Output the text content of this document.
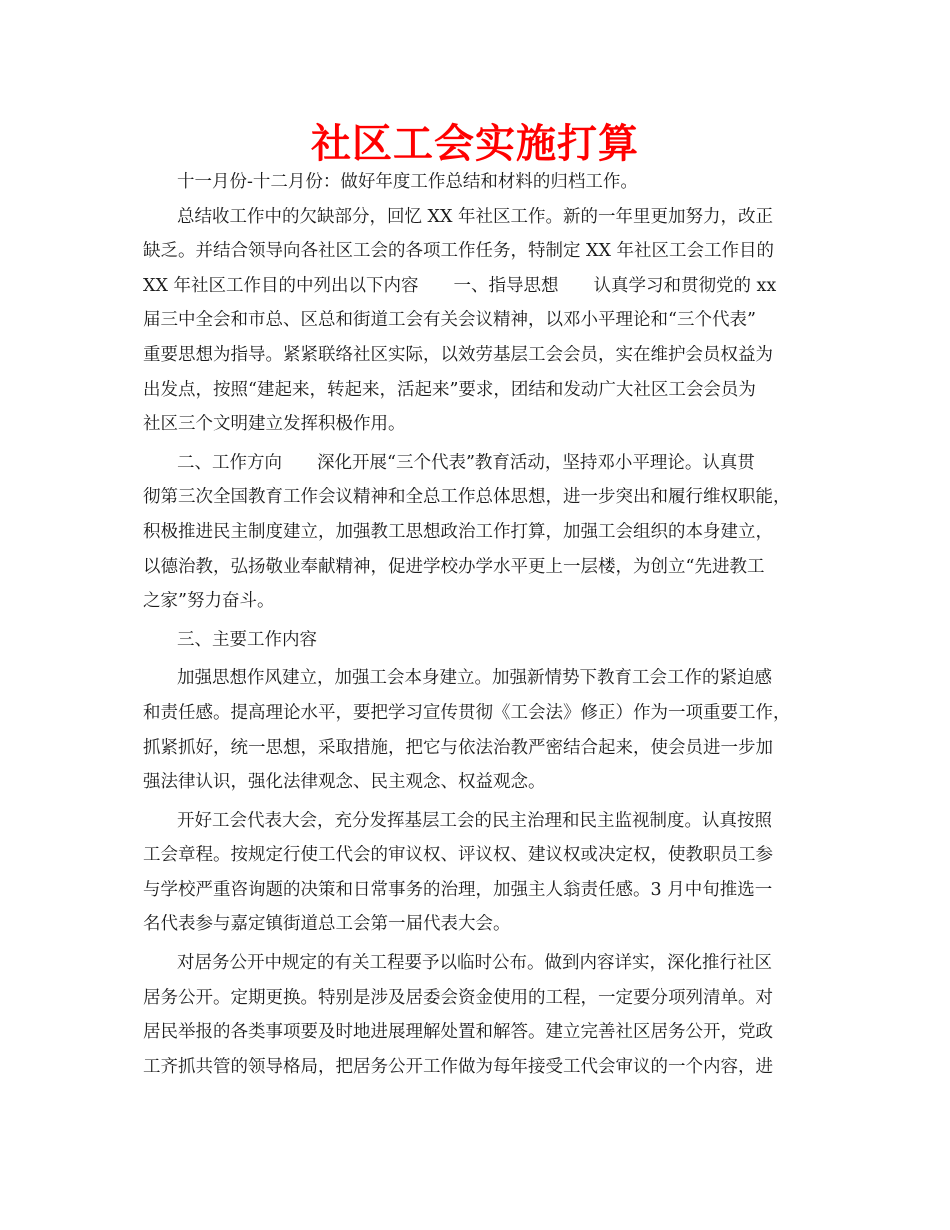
社区工会实施打算

十一月份-十二月份：做好年度工作总结和材料的归档工作。

总结收工作中的欠缺部分，回忆 XX 年社区工作。新的一年里更加努力，改正
缺乏。并结合领导向各社区工会的各项工作任务，特制定 XX 年社区工会工作目的
XX 年社区工作目的中列出以下内容　　一、指导思想　　认真学习和贯彻党的 xx
届三中全会和市总、区总和街道工会有关会议精神，以邓小平理论和“三个代表”
重要思想为指导。紧紧联络社区实际，以效劳基层工会会员，实在维护会员权益为
出发点，按照“建起来，转起来，活起来”要求，团结和发动广大社区工会会员为
社区三个文明建立发挥积极作用。

二、工作方向　　深化开展“三个代表”教育活动，坚持邓小平理论。认真贯
彻第三次全国教育工作会议精神和全总工作总体思想，进一步突出和履行维权职能，
积极推进民主制度建立，加强教工思想政治工作打算，加强工会组织的本身建立，
以德治教，弘扬敬业奉献精神，促进学校办学水平更上一层楼，为创立“先进教工
之家”努力奋斗。

三、主要工作内容

加强思想作风建立，加强工会本身建立。加强新情势下教育工会工作的紧迫感
和责任感。提高理论水平，要把学习宣传贯彻《工会法》修正）作为一项重要工作，
抓紧抓好，统一思想，采取措施，把它与依法治教严密结合起来，使会员进一步加
强法律认识，强化法律观念、民主观念、权益观念。

开好工会代表大会，充分发挥基层工会的民主治理和民主监视制度。认真按照
工会章程。按规定行使工代会的审议权、评议权、建议权或决定权，使教职员工参
与学校严重咨询题的决策和日常事务的治理，加强主人翁责任感。3 月中旬推选一
名代表参与嘉定镇街道总工会第一届代表大会。

对居务公开中规定的有关工程要予以临时公布。做到内容详实，深化推行社区
居务公开。定期更换。特别是涉及居委会资金使用的工程，一定要分项列清单。对
居民举报的各类事项要及时地进展理解处置和解答。建立完善社区居务公开，党政
工齐抓共管的领导格局，把居务公开工作做为每年接受工代会审议的一个内容，进
